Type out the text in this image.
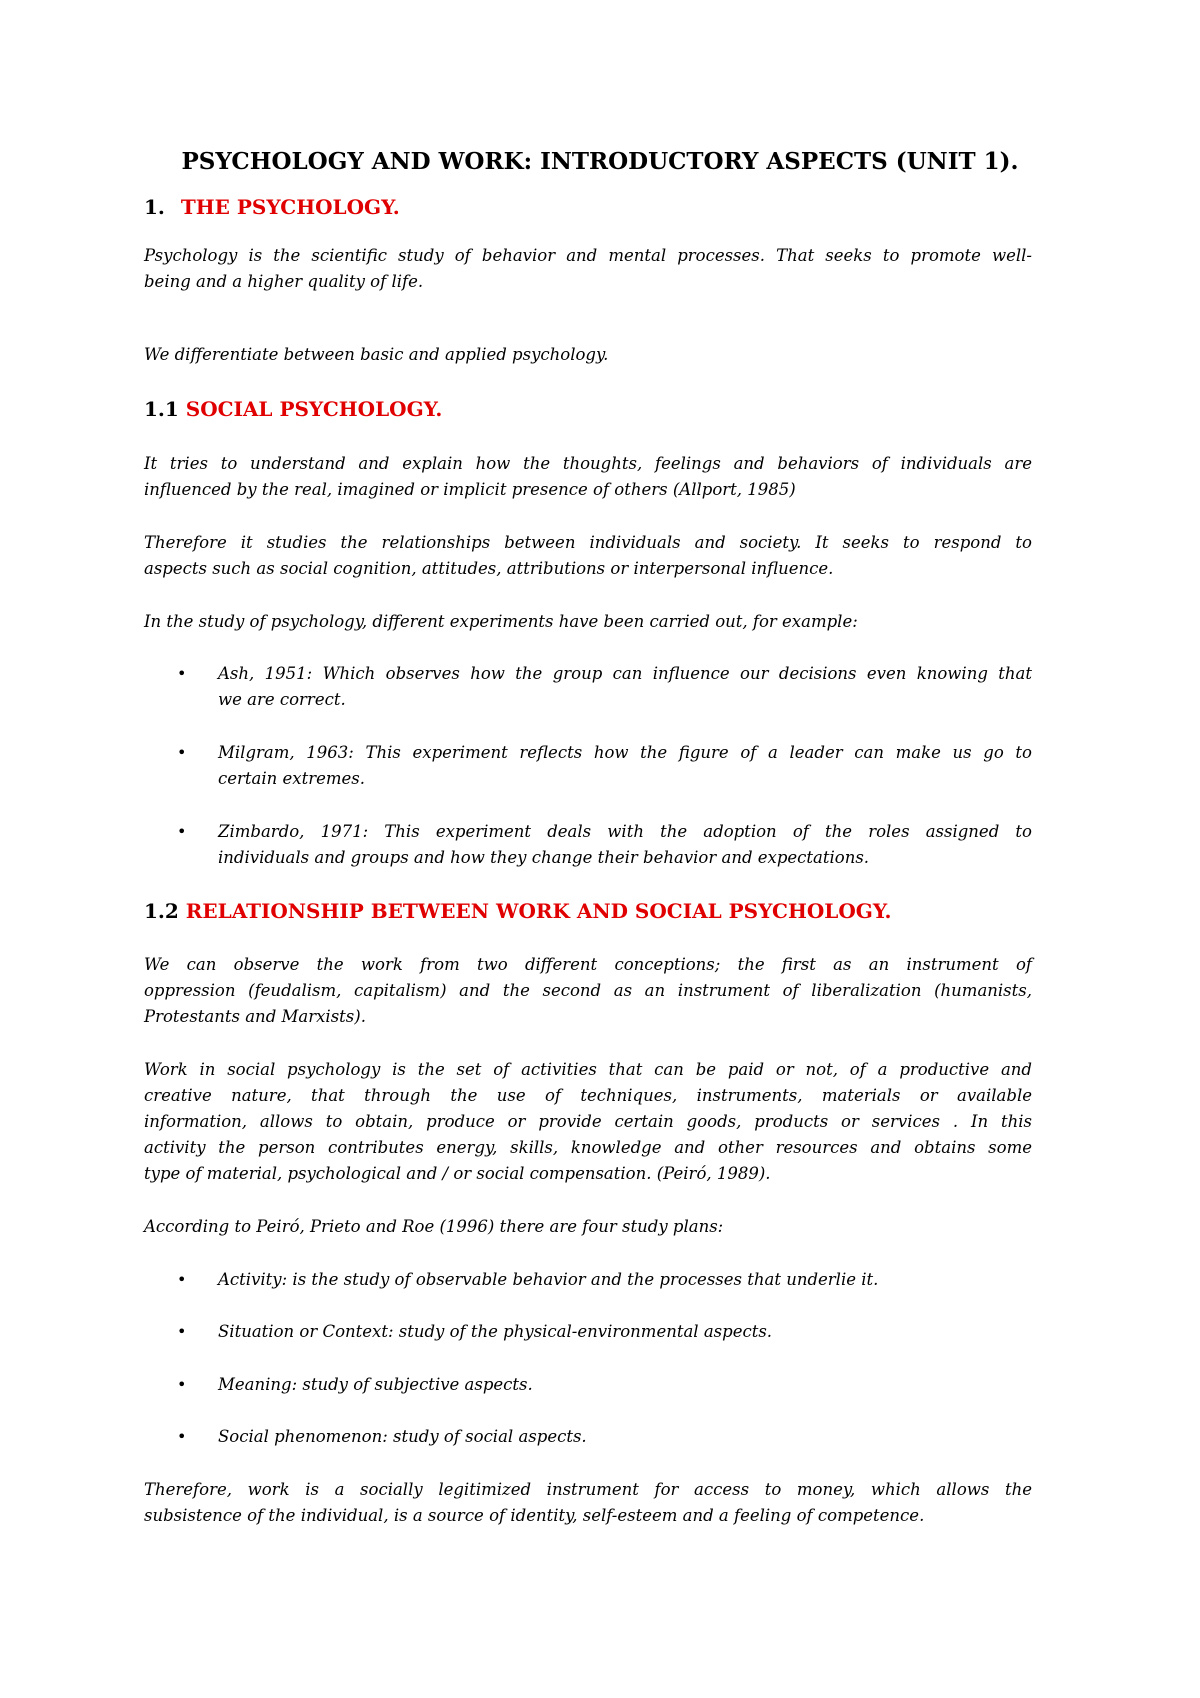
PSYCHOLOGY AND WORK: INTRODUCTORY ASPECTS (UNIT 1).
1. THE PSYCHOLOGY.
Psychology is the scientific study of behavior and mental processes. That seeks to promote well-
being and a higher quality of life.
We differentiate between basic and applied psychology.
1.1 SOCIAL PSYCHOLOGY.
It tries to understand and explain how the thoughts, feelings and behaviors of individuals are
influenced by the real, imagined or implicit presence of others (Allport, 1985)
Therefore it studies the relationships between individuals and society. It seeks to respond to
aspects such as social cognition, attitudes, attributions or interpersonal influence.
In the study of psychology, different experiments have been carried out, for example:
• Ash, 1951: Which observes how the group can influence our decisions even knowing that
we are correct.
• Milgram, 1963: This experiment reflects how the figure of a leader can make us go to
certain extremes.
• Zimbardo, 1971: This experiment deals with the adoption of the roles assigned to
individuals and groups and how they change their behavior and expectations.
1.2 RELATIONSHIP BETWEEN WORK AND SOCIAL PSYCHOLOGY.
We can observe the work from two different conceptions; the first as an instrument of
oppression (feudalism, capitalism) and the second as an instrument of liberalization (humanists,
Protestants and Marxists).
Work in social psychology is the set of activities that can be paid or not, of a productive and
creative nature, that through the use of techniques, instruments, materials or available
information, allows to obtain, produce or provide certain goods, products or services . In this
activity the person contributes energy, skills, knowledge and other resources and obtains some
type of material, psychological and / or social compensation. (Peiró, 1989).
According to Peiró, Prieto and Roe (1996) there are four study plans:
• Activity: is the study of observable behavior and the processes that underlie it.
• Situation or Context: study of the physical-environmental aspects.
• Meaning: study of subjective aspects.
• Social phenomenon: study of social aspects.
Therefore, work is a socially legitimized instrument for access to money, which allows the
subsistence of the individual, is a source of identity, self-esteem and a feeling of competence.
